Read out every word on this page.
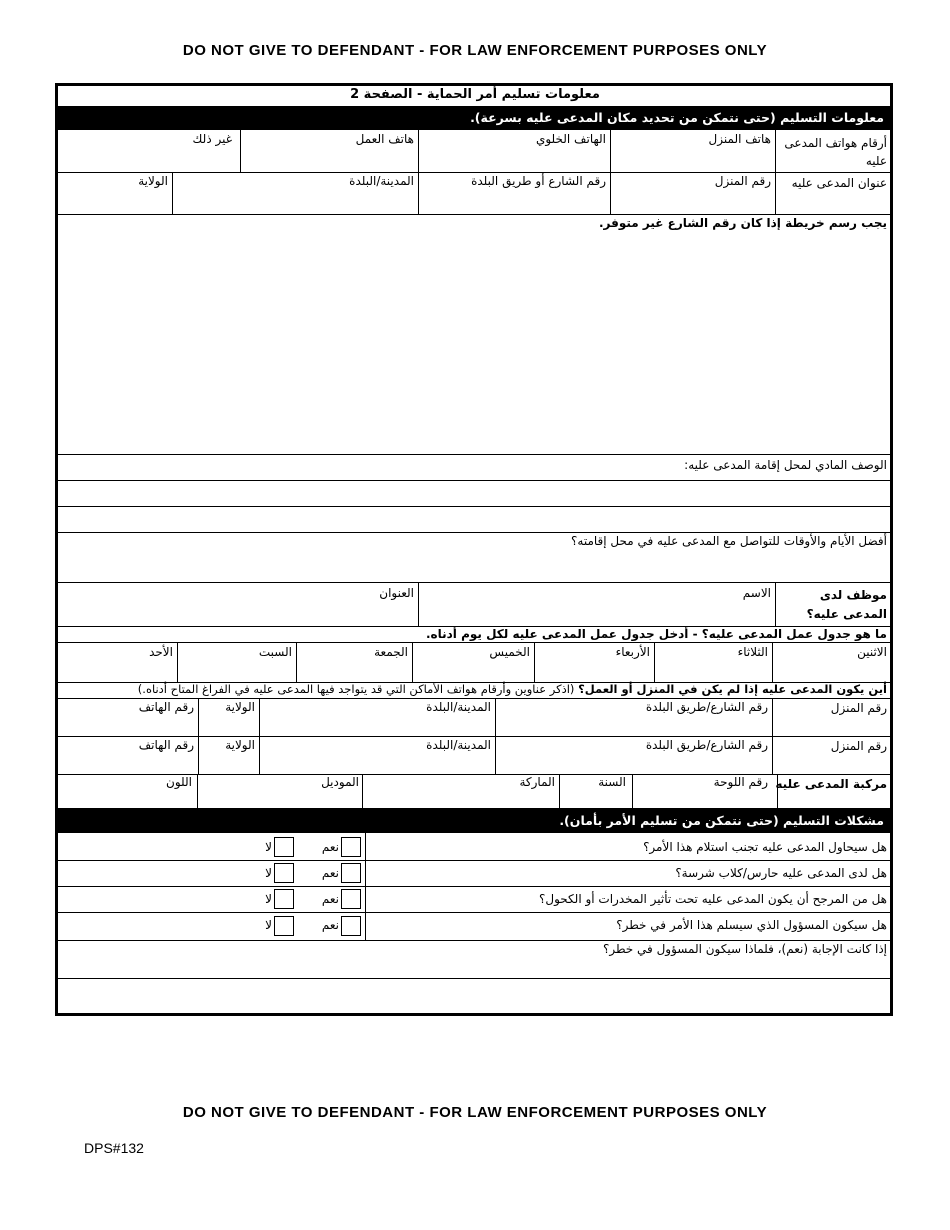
DO NOT GIVE TO DEFENDANT - FOR LAW ENFORCEMENT PURPOSES ONLY
معلومات تسليم أمر الحماية - الصفحة 2
معلومات التسليم (حتى نتمكن من تحديد مكان المدعى عليه بسرعة).
أرقام هواتف المدعى عليه
هاتف المنزل
الهاتف الخلوي
هاتف العمل
غير ذلك
عنوان المدعى عليه
رقم المنزل
رقم الشارع أو طريق البلدة
المدينة/البلدة
الولاية
يجب رسم خريطة إذا كان رقم الشارع غير متوفر.
الوصف المادي لمحل إقامة المدعى عليه:
أفضل الأيام والأوقات للتواصل مع المدعى عليه في محل إقامته؟
موظف لدى المدعى عليه؟
الاسم
العنوان
ما هو جدول عمل المدعى عليه؟ - أدخل جدول عمل المدعى عليه لكل يوم أدناه.
الاثنين
الثلاثاء
الأربعاء
الخميس
الجمعة
السبت
الأحد
أين يكون المدعى عليه إذا لم يكن في المنزل أو العمل؟ (اذكر عناوين وأرقام هواتف الأماكن التي قد يتواجد فيها المدعى عليه في الفراغ المتاح أدناه.)
رقم المنزل
رقم الشارع/طريق البلدة
المدينة/البلدة
الولاية
رقم الهاتف
رقم المنزل
رقم الشارع/طريق البلدة
المدينة/البلدة
الولاية
رقم الهاتف
مركبة المدعى عليه
رقم اللوحة
السنة
الماركة
الموديل
اللون
مشكلات التسليم (حتى نتمكن من تسليم الأمر بأمان).
هل سيحاول المدعى عليه تجنب استلام هذا الأمر؟
نعم
لا
هل لدى المدعى عليه حارس/كلاب شرسة؟
نعم
لا
هل من المرجح أن يكون المدعى عليه تحت تأثير المخدرات أو الكحول؟
نعم
لا
هل سيكون المسؤول الذي سيسلم هذا الأمر في خطر؟
نعم
لا
إذا كانت الإجابة (نعم)، فلماذا سيكون المسؤول في خطر؟
DO NOT GIVE TO DEFENDANT - FOR LAW ENFORCEMENT PURPOSES ONLY
DPS#132
